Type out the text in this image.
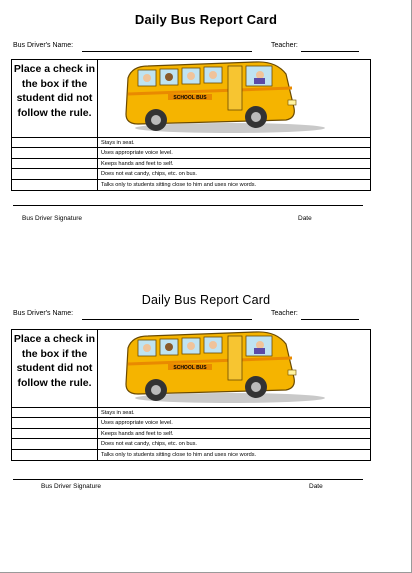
Daily Bus Report Card
Bus Driver's Name:	Teacher:
Place a check in the box if the student did not follow the rule.
SCHOOL BUS
Stays in seat.
Uses appropriate voice level.
Keeps hands and feet to self.
Does not eat candy, chips, etc. on bus.
Talks only to students sitting close to him and uses nice words.
Bus Driver Signature	Date
Daily Bus Report Card
Bus Driver's Name:	Teacher:
Place a check in the box if the student did not follow the rule.
SCHOOL BUS
Stays in seat.
Uses appropriate voice level.
Keeps hands and feet to self.
Does not eat candy, chips, etc. on bus.
Talks only to students sitting close to him and uses nice words.
Bus Driver Signature	Date
